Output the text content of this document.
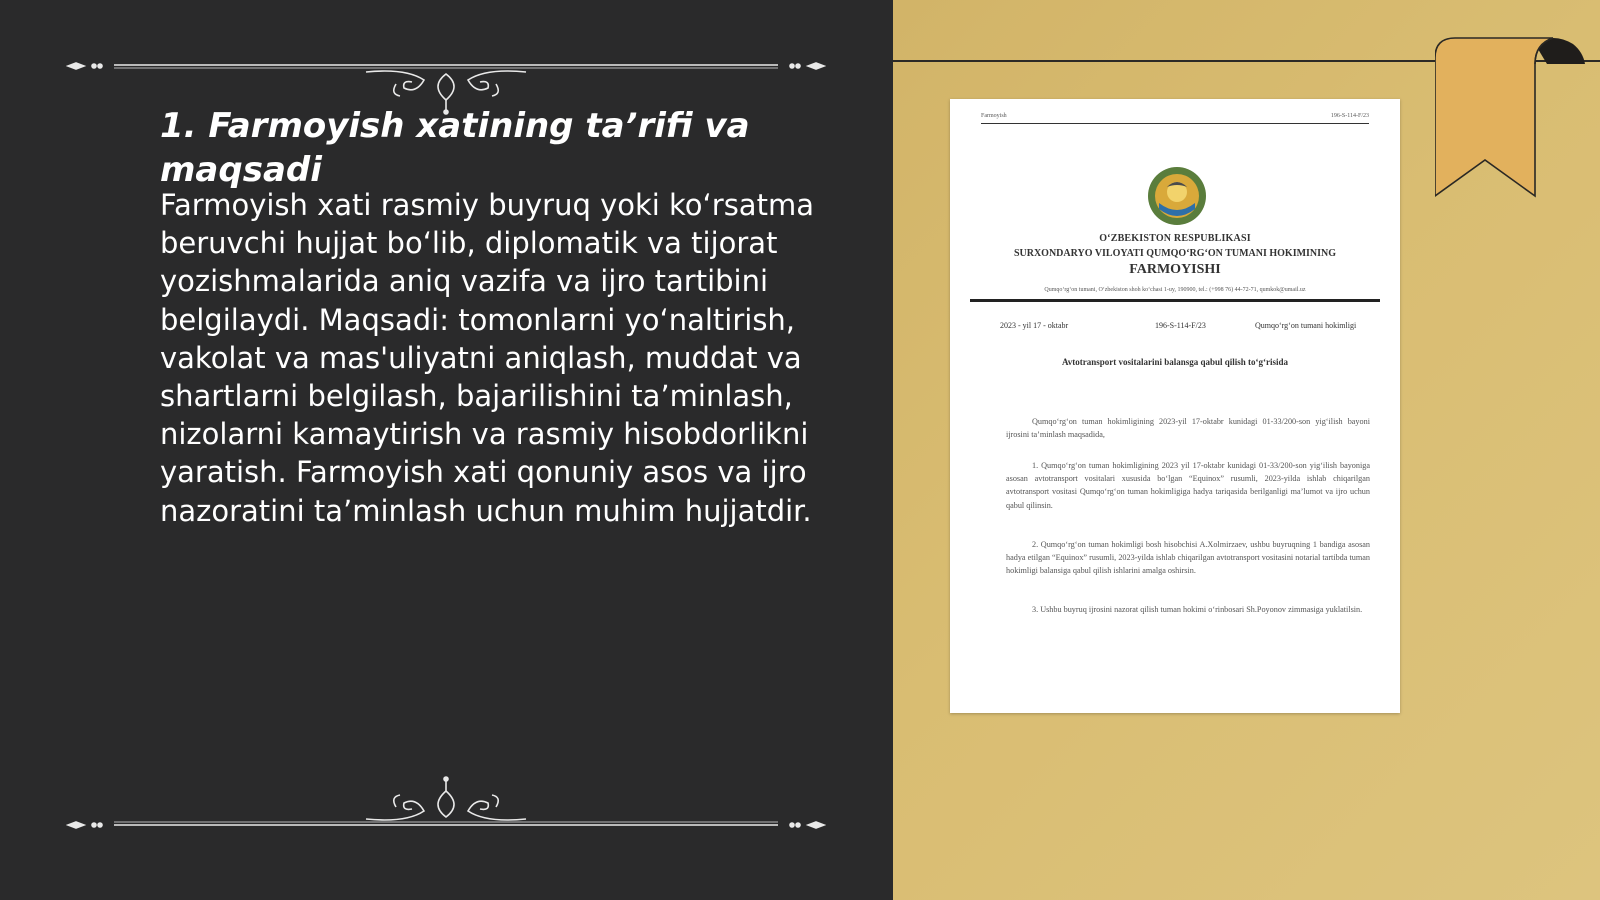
1. Farmoyish xatining ta’rifi va maqsadi

Farmoyish xati rasmiy buyruq yoki ko‘rsatma beruvchi hujjat bo‘lib, diplomatik va tijorat yozishmalarida aniq vazifa va ijro tartibini belgilaydi. Maqsadi: tomonlarni yo‘naltirish, vakolat va mas'uliyatni aniqlash, muddat va shartlarni belgilash, bajarilishini ta’minlash, nizolarni kamaytirish va rasmiy hisobdorlikni yaratish. Farmoyish xati qonuniy asos va ijro nazoratini ta’minlash uchun muhim hujjatdir.

Farmoyish	196-S-114-F/23
O‘ZBEKISTON RESPUBLIKASI
SURXONDARYO VILOYATI QUMQO‘RG‘ON TUMANI HOKIMINING
FARMOYISHI
Qumqo‘rg‘on tumani, O‘zbekiston shoh ko‘chasi 1-uy, 190900, tel.: (+998 76) 44-72-71, qumkok@umail.uz
2023 - yil 17 - oktabr	196-S-114-F/23	Qumqo‘rg‘on tumani hokimligi
Avtotransport vositalarini balansga qabul qilish to‘g‘risida

Qumqo‘rg‘on tuman hokimligining 2023-yil 17-oktabr kunidagi 01-33/200-son yig‘ilish bayoni ijrosini ta’minlash maqsadida,

1. Qumqo‘rg‘on tuman hokimligining 2023 yil 17-oktabr kunidagi 01-33/200-son yig‘ilish bayoniga asosan avtotransport vositalari xususida bo‘lgan “Equinox” rusumli, 2023-yilda ishlab chiqarilgan avtotransport vositasi Qumqo‘rg‘on tuman hokimligiga hadya tariqasida berilganligi ma’lumot va ijro uchun qabul qilinsin.

2. Qumqo‘rg‘on tuman hokimligi bosh hisobchisi A.Xolmirzaev, ushbu buyruqning 1 bandiga asosan hadya etilgan “Equinox” rusumli, 2023-yilda ishlab chiqarilgan avtotransport vositasini notarial tartibda tuman hokimligi balansiga qabul qilish ishlarini amalga oshirsin.

3. Ushbu buyruq ijrosini nazorat qilish tuman hokimi o‘rinbosari Sh.Poyonov zimmasiga yuklatilsin.
